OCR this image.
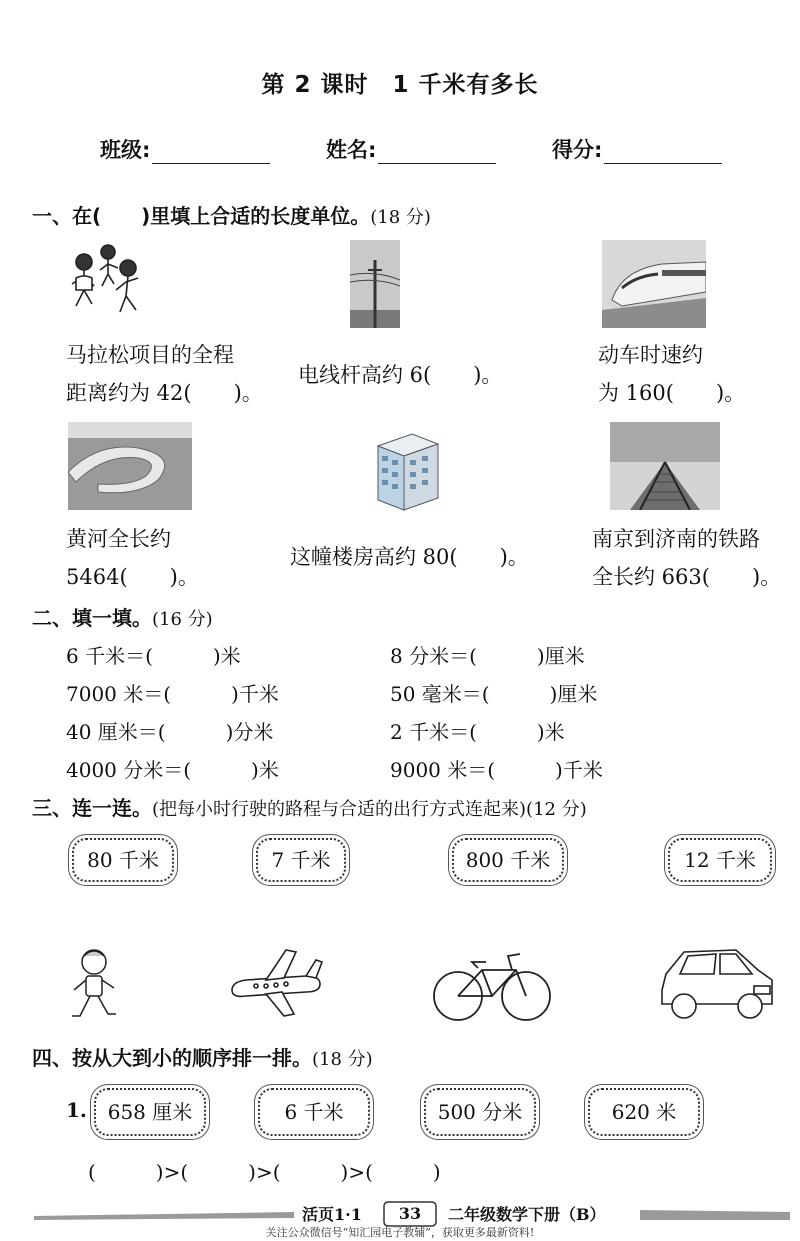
第 2 课时　1 千米有多长
班级:	姓名:	得分:
一、在(　　)里填上合适的长度单位。(18 分)
马拉松项目的全程
距离约为 42(　　)。
电线杆高约 6(　　)。
动车时速约
为 160(　　)。
黄河全长约
5464(　　)。
这幢楼房高约 80(　　)。
南京到济南的铁路
全长约 663(　　)。
二、填一填。(16 分)
6 千米＝(　　　)米	8 分米＝(　　　)厘米
7000 米＝(　　　)千米	50 毫米＝(　　　)厘米
40 厘米＝(　　　)分米	2 千米＝(　　　)米
4000 分米＝(　　　)米	9000 米＝(　　　)千米
三、连一连。(把每小时行驶的路程与合适的出行方式连起来)(12 分)
80 千米	7 千米	800 千米	12 千米
四、按从大到小的顺序排一排。(18 分)
1.	658 厘米	6 千米	500 分米	620 米
(　　　)>(　　　)>(　　　)>(　　　)
活页1·1	33	二年级数学下册（B）
关注公众微信号“知汇园电子教辅”，获取更多最新资料!
